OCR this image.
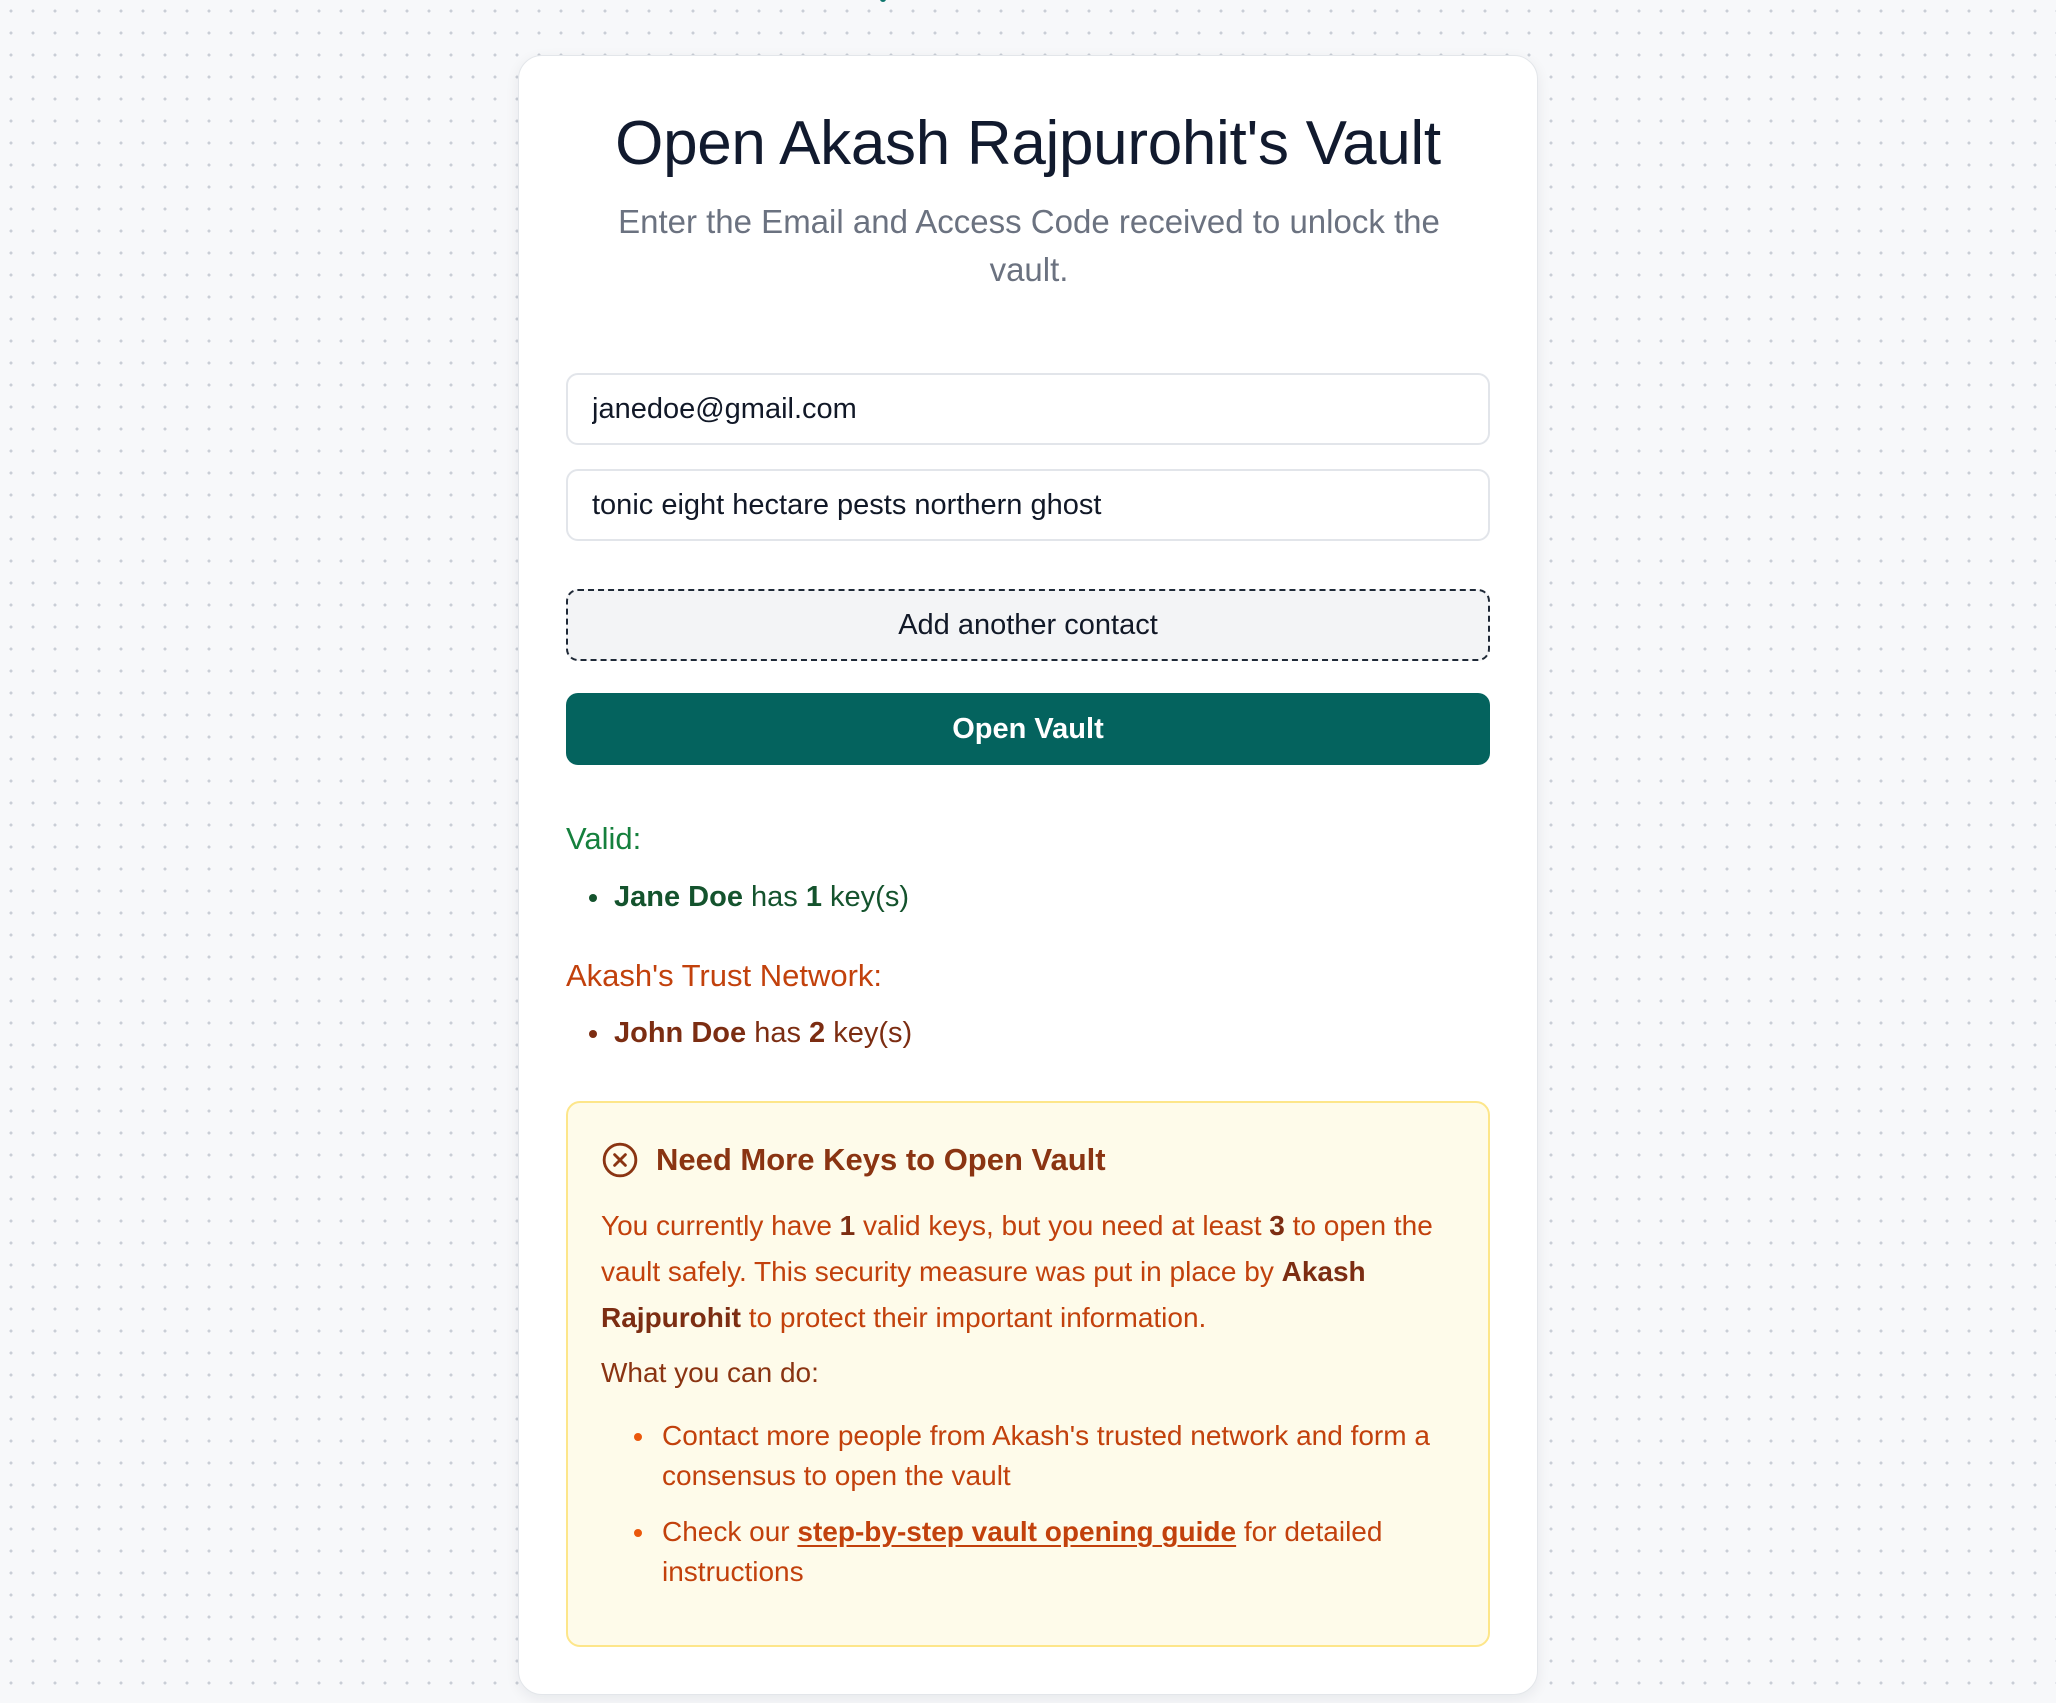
Open Akash Rajpurohit's Vault

Enter the Email and Access Code received to unlock the vault.

janedoe@gmail.com
tonic eight hectare pests northern ghost
Add another contact
Open Vault
Valid:
Jane Doe has 1 key(s)
Akash's Trust Network:
John Doe has 2 key(s)
Need More Keys to Open Vault

You currently have 1 valid keys, but you need at least 3 to open the vault safely. This security measure was put in place by Akash Rajpurohit to protect their important information.

What you can do:

Contact more people from Akash's trusted network and form a consensus to open the vault
Check our step-by-step vault opening guide for detailed instructions
